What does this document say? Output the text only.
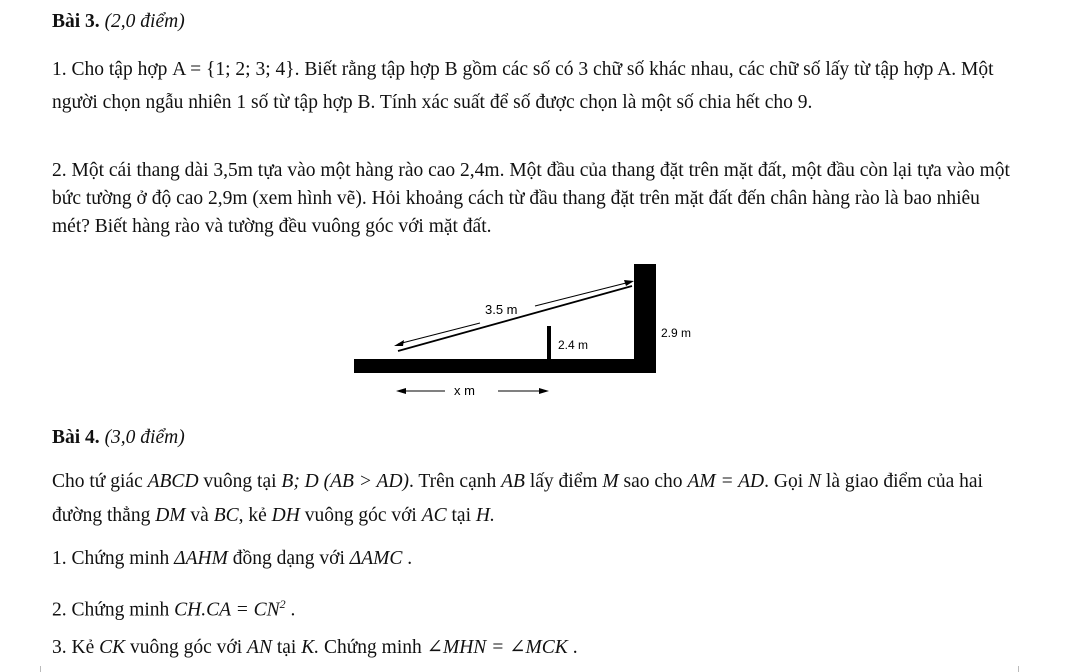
Bài 3. (2,0 điểm)
1. Cho tập hợp A = {1; 2; 3; 4}. Biết rằng tập hợp B gồm các số có 3 chữ số khác nhau, các chữ số lấy từ tập hợp A. Một người chọn ngẫu nhiên 1 số từ tập hợp B. Tính xác suất để số được chọn là một số chia hết cho 9.
2. Một cái thang dài 3,5m tựa vào một hàng rào cao 2,4m. Một đầu của thang đặt trên mặt đất, một đầu còn lại tựa vào một bức tường ở độ cao 2,9m (xem hình vẽ). Hỏi khoảng cách từ đầu thang đặt trên mặt đất đến chân hàng rào là bao nhiêu mét? Biết hàng rào và tường đều vuông góc với mặt đất.
3.5 m
2.4 m
2.9 m
x m
Bài 4. (3,0 điểm)
Cho tứ giác ABCD vuông tại B; D (AB > AD). Trên cạnh AB lấy điểm M sao cho AM = AD. Gọi N là giao điểm của hai đường thẳng DM và BC, kẻ DH vuông góc với AC tại H.
1. Chứng minh ΔAHM đồng dạng với ΔAMC .
2. Chứng minh $CH.CA = CN^2$ .
3. Kẻ CK vuông góc với AN tại K. Chứng minh ∠MHN = ∠MCK .
